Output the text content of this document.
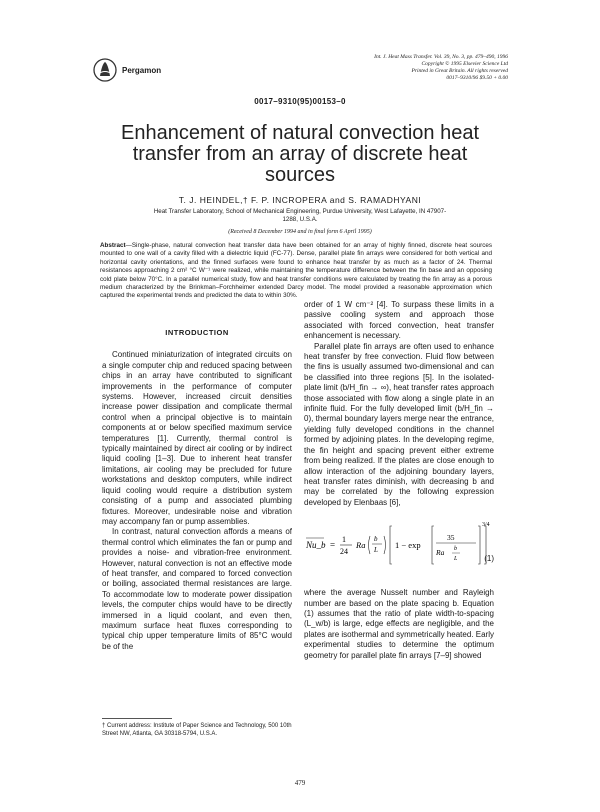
Pergamon
Int. J. Heat Mass Transfer. Vol. 39, No. 3, pp. 479–490, 1996
Copyright © 1995 Elsevier Science Ltd
Printed in Great Britain. All rights reserved
0017–9310/96 $9.50 + 0.00
0017–9310(95)00153–0
Enhancement of natural convection heat transfer from an array of discrete heat sources
T. J. HEINDEL,† F. P. INCROPERA and S. RAMADHYANI
Heat Transfer Laboratory, School of Mechanical Engineering, Purdue University, West Lafayette, IN 47907-1288, U.S.A.
(Received 8 December 1994 and in final form 6 April 1995)
Abstract—Single-phase, natural convection heat transfer data have been obtained for an array of highly finned, discrete heat sources mounted to one wall of a cavity filled with a dielectric liquid (FC-77). Dense, parallel plate fin arrays were considered for both vertical and horizontal cavity orientations, and the finned surfaces were found to enhance heat transfer by as much as a factor of 24. Thermal resistances approaching 2 cm² °C W⁻¹ were realized, while maintaining the temperature difference between the fin base and an opposing cold plate below 70°C. In a parallel numerical study, flow and heat transfer conditions were calculated by treating the fin array as a porous medium characterized by the Brinkman–Forchheimer extended Darcy model. The model provided a reasonable approximation which captured the experimental trends and predicted the data to within 30%.

INTRODUCTION

Continued miniaturization of integrated circuits on a single computer chip and reduced spacing between chips in an array have contributed to significant improvements in the performance of computer systems. However, increased circuit densities increase power dissipation and complicate thermal control when a principal objective is to maintain components at or below specified maximum service temperatures [1]. Currently, thermal control is typically maintained by direct air cooling or by indirect liquid cooling [1–3]. Due to inherent heat transfer limitations, air cooling may be precluded for future workstations and desktop computers, while indirect liquid cooling would require a distribution system consisting of a pump and associated plumbing fixtures. Moreover, undesirable noise and vibration may accompany fan or pump assemblies.

In contrast, natural convection affords a means of thermal control which eliminates the fan or pump and provides a noise- and vibration-free environment. However, natural convection is not an effective mode of heat transfer, and compared to forced convection or boiling, associated thermal resistances are large. To accommodate low to moderate power dissipation levels, the computer chips would have to be directly immersed in a liquid coolant, and even then, maximum surface heat fluxes corresponding to typical chip upper temperature limits of 85°C would be of the

order of 1 W cm⁻² [4]. To surpass these limits in a passive cooling system and approach those associated with forced convection, heat transfer enhancement is necessary.

Parallel plate fin arrays are often used to enhance heat transfer by free convection. Fluid flow between the fins is usually assumed two-dimensional and can be classified into three regions [5]. In the isolated-plate limit (b/H_fin → ∞), heat transfer rates approach those associated with flow along a single plate in an infinite fluid. For the fully developed limit (b/H_fin → 0), thermal boundary layers merge near the entrance, yielding fully developed conditions in the channel formed by adjoining plates. In the developing regime, the fin height and spacing prevent either extreme from being realized. If the plates are close enough to allow interaction of the adjoining boundary layers, heat transfer rates diminish, with decreasing b and may be correlated by the following expression developed by Elenbaas [6],

Nu_b =
1
24
Ra
b
L 1 − exp
35
Ra b
L
3/4
(1)

where the average Nusselt number and Rayleigh number are based on the plate spacing b. Equation (1) assumes that the ratio of plate width-to-spacing (L_w/b) is large, edge effects are negligible, and the plates are isothermal and symmetrically heated. Early experimental studies to determine the optimum geometry for parallel plate fin arrays [7–9] showed

† Current address: Institute of Paper Science and Technology, 500 10th Street NW, Atlanta, GA 30318-5794, U.S.A.
479
